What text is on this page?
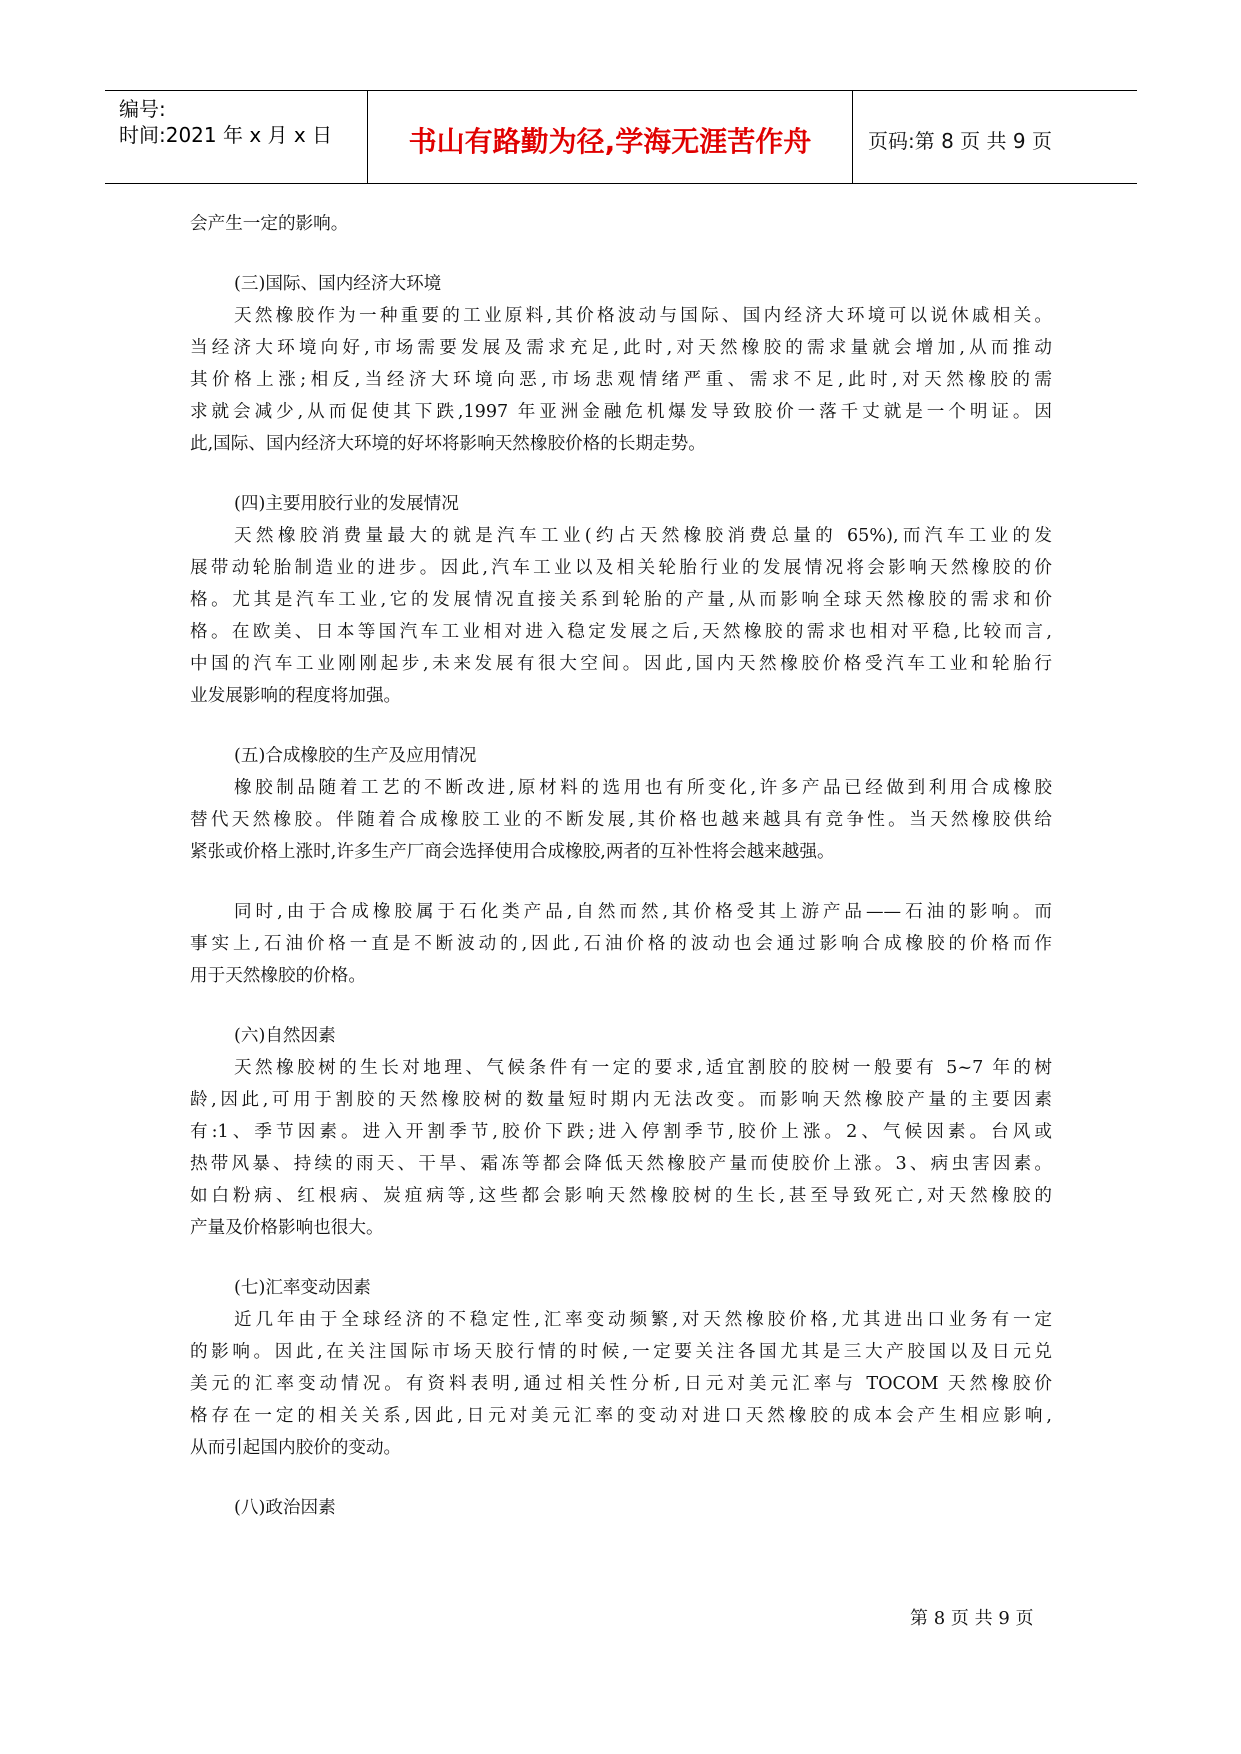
编号:
时间:2021 年 x 月 x 日	书山有路勤为径,学海无涯苦作舟	页码:第 8 页 共 9 页
会产生一定的影响。
(三)国际、国内经济大环境
天然橡胶作为一种重要的工业原料,其价格波动与国际、国内经济大环境可以说休戚相关。
当经济大环境向好,市场需要发展及需求充足,此时,对天然橡胶的需求量就会增加,从而推动
其价格上涨;相反,当经济大环境向恶,市场悲观情绪严重、需求不足,此时,对天然橡胶的需
求就会减少,从而促使其下跌,1997 年亚洲金融危机爆发导致胶价一落千丈就是一个明证。因
此,国际、国内经济大环境的好坏将影响天然橡胶价格的长期走势。
(四)主要用胶行业的发展情况
天然橡胶消费量最大的就是汽车工业(约占天然橡胶消费总量的 65%),而汽车工业的发
展带动轮胎制造业的进步。因此,汽车工业以及相关轮胎行业的发展情况将会影响天然橡胶的价
格。尤其是汽车工业,它的发展情况直接关系到轮胎的产量,从而影响全球天然橡胶的需求和价
格。在欧美、日本等国汽车工业相对进入稳定发展之后,天然橡胶的需求也相对平稳,比较而言,
中国的汽车工业刚刚起步,未来发展有很大空间。因此,国内天然橡胶价格受汽车工业和轮胎行
业发展影响的程度将加强。
(五)合成橡胶的生产及应用情况
橡胶制品随着工艺的不断改进,原材料的选用也有所变化,许多产品已经做到利用合成橡胶
替代天然橡胶。伴随着合成橡胶工业的不断发展,其价格也越来越具有竞争性。当天然橡胶供给
紧张或价格上涨时,许多生产厂商会选择使用合成橡胶,两者的互补性将会越来越强。
同时,由于合成橡胶属于石化类产品,自然而然,其价格受其上游产品——石油的影响。而
事实上,石油价格一直是不断波动的,因此,石油价格的波动也会通过影响合成橡胶的价格而作
用于天然橡胶的价格。
(六)自然因素
天然橡胶树的生长对地理、气候条件有一定的要求,适宜割胶的胶树一般要有 5~7 年的树
龄,因此,可用于割胶的天然橡胶树的数量短时期内无法改变。而影响天然橡胶产量的主要因素
有:1、季节因素。进入开割季节,胶价下跌;进入停割季节,胶价上涨。2、气候因素。台风或
热带风暴、持续的雨天、干旱、霜冻等都会降低天然橡胶产量而使胶价上涨。3、病虫害因素。
如白粉病、红根病、炭疽病等,这些都会影响天然橡胶树的生长,甚至导致死亡,对天然橡胶的
产量及价格影响也很大。
(七)汇率变动因素
近几年由于全球经济的不稳定性,汇率变动频繁,对天然橡胶价格,尤其进出口业务有一定
的影响。因此,在关注国际市场天胶行情的时候,一定要关注各国尤其是三大产胶国以及日元兑
美元的汇率变动情况。有资料表明,通过相关性分析,日元对美元汇率与 TOCOM 天然橡胶价
格存在一定的相关关系,因此,日元对美元汇率的变动对进口天然橡胶的成本会产生相应影响,
从而引起国内胶价的变动。
(八)政治因素
第 8 页 共 9 页
